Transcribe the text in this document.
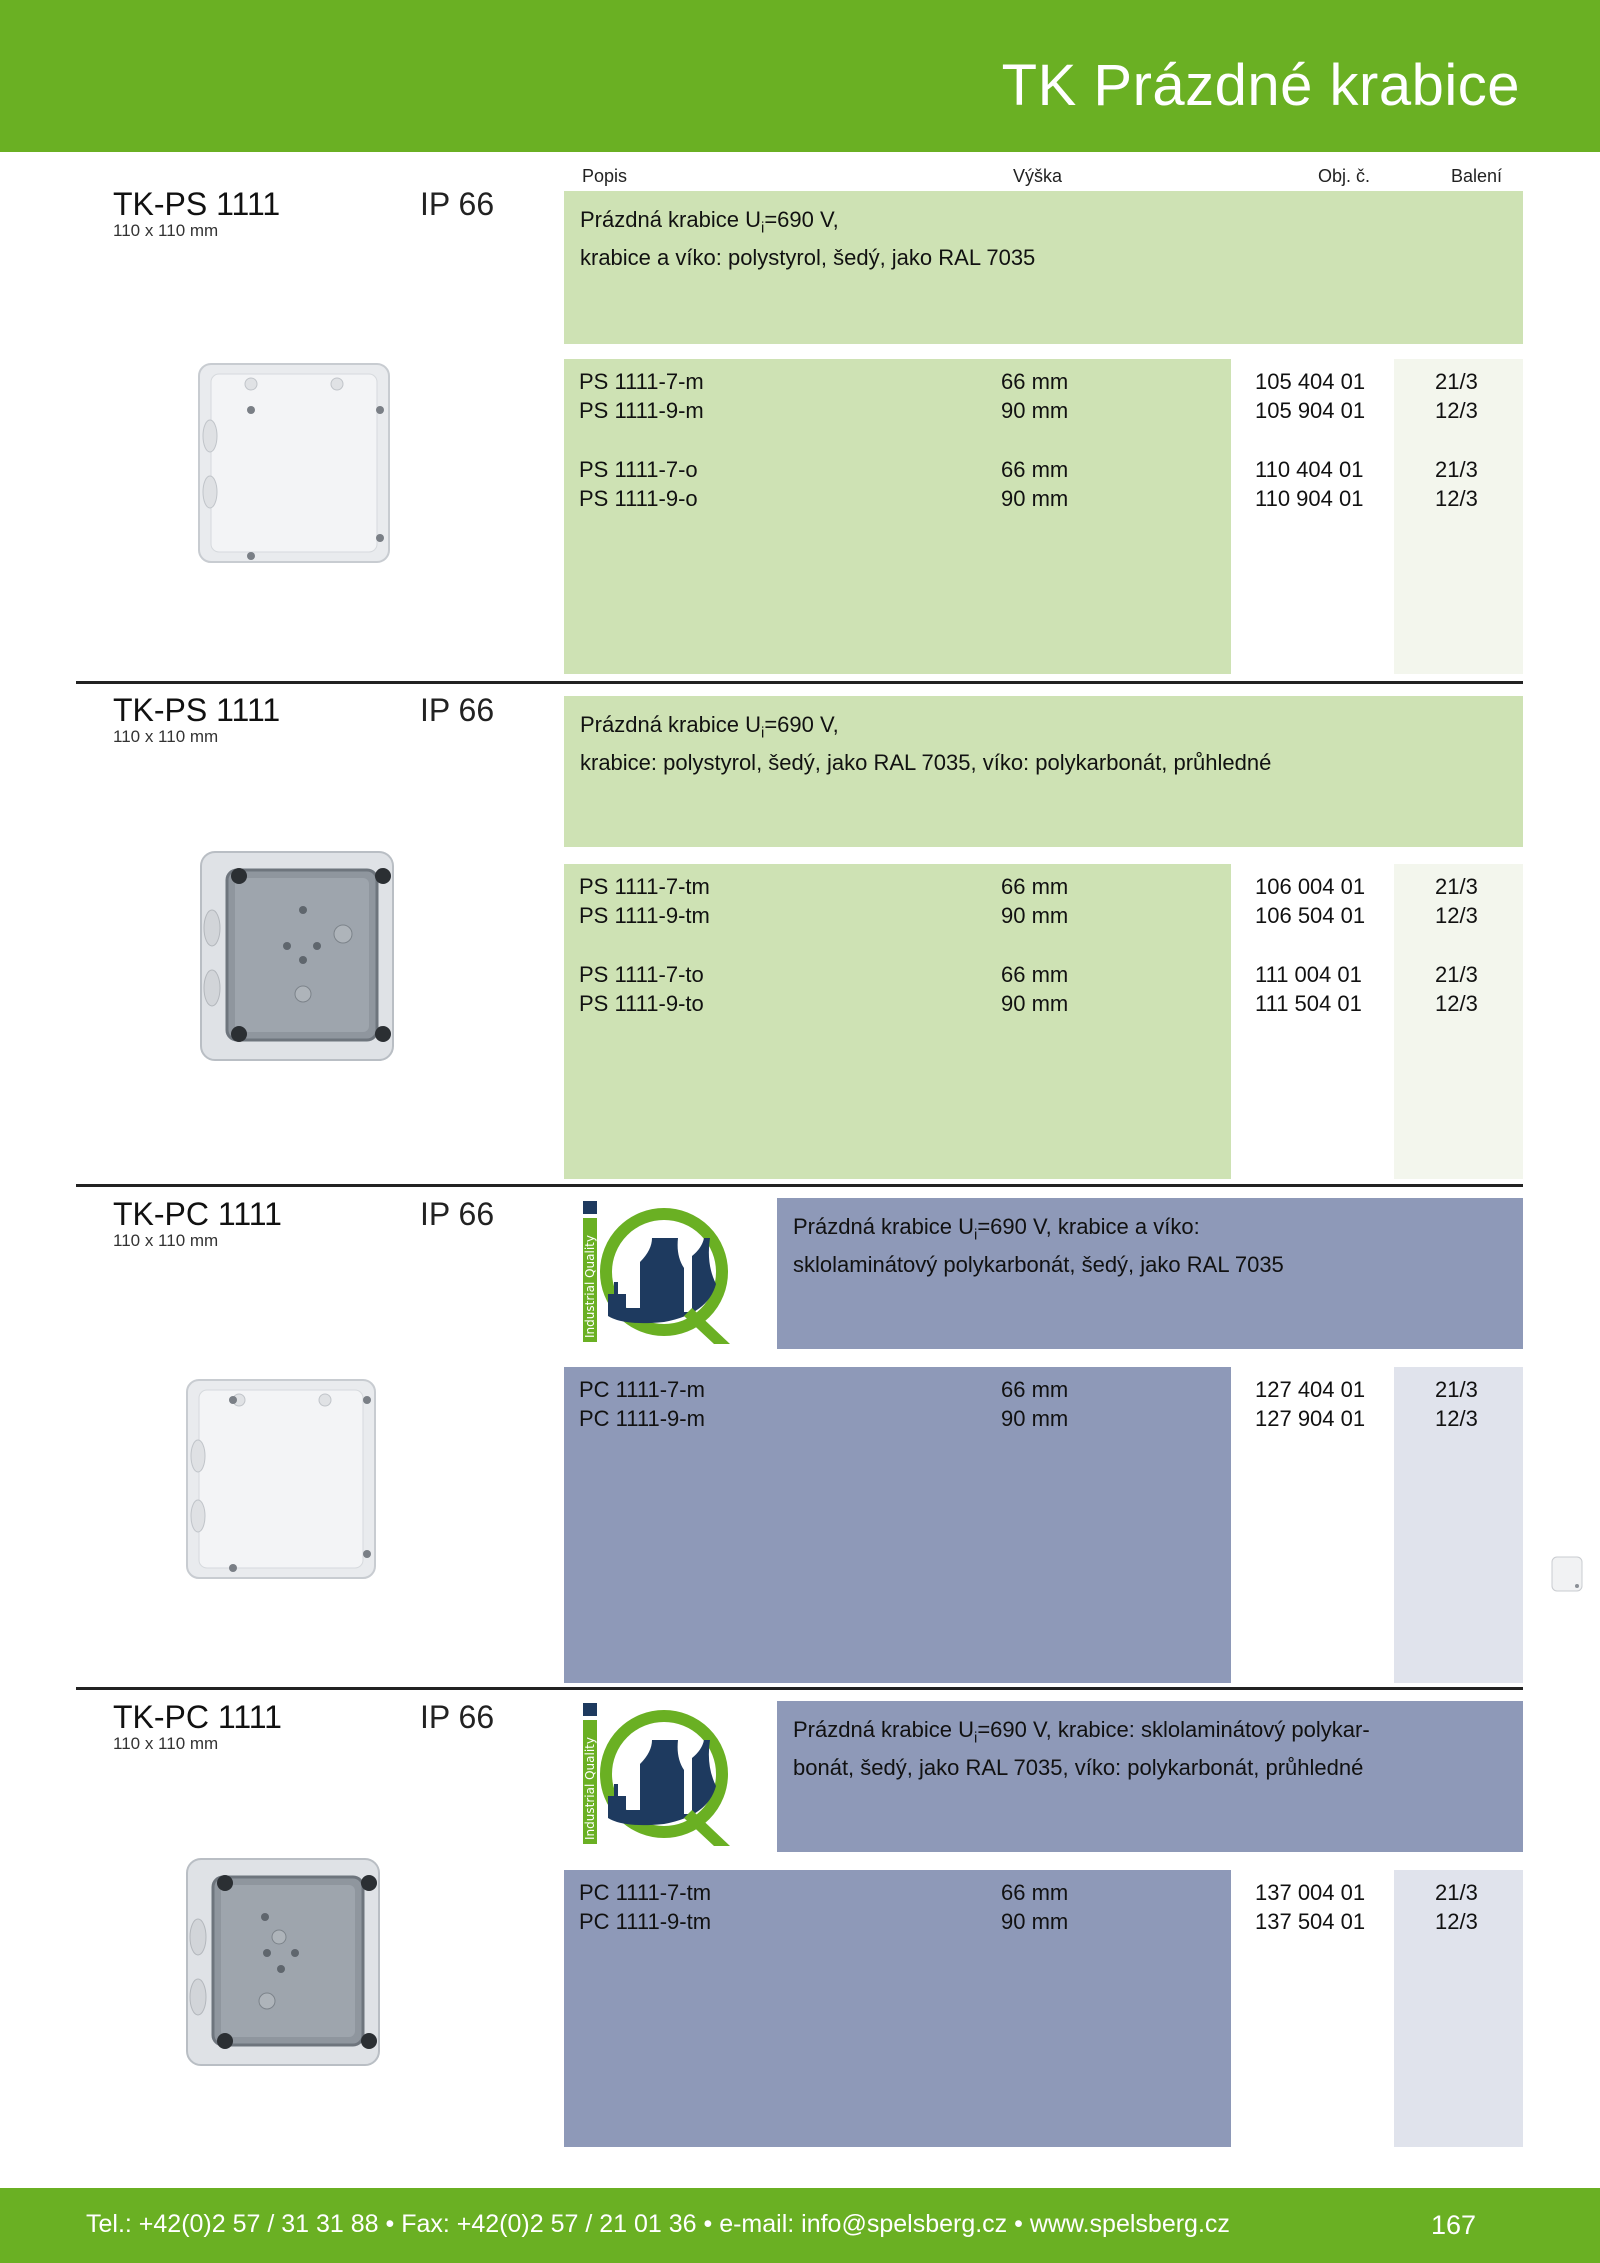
TK Prázdné krabice
Popis	Výška	Obj. č.	Balení
TK-PS 1111
110 x 110 mm
IP 66	Prázdná krabice $U_i=690$ V,
krabice a víko: polystyrol, šedý, jako RAL 7035
PS 1111-7-m	66 mm	105 404 01	21/3
PS 1111-9-m	90 mm	105 904 01	12/3
PS 1111-7-o	66 mm	110 404 01	21/3
PS 1111-9-o	90 mm	110 904 01	12/3
TK-PS 1111
110 x 110 mm
IP 66	Prázdná krabice $U_i=690$ V,
krabice: polystyrol, šedý, jako RAL 7035, víko: polykarbonát, průhledné
PS 1111-7-tm	66 mm	106 004 01	21/3
PS 1111-9-tm	90 mm	106 504 01	12/3
PS 1111-7-to	66 mm	111 004 01	21/3
PS 1111-9-to	90 mm	111 504 01	12/3
TK-PC 1111
110 x 110 mm
IP 66
Industrial Quality
Prázdná krabice $U_i=690$ V, krabice a víko:
sklolaminátový polykarbonát, šedý, jako RAL 7035
PC 1111-7-m	66 mm	127 404 01	21/3
PC 1111-9-m	90 mm	127 904 01	12/3
TK-PC 1111
110 x 110 mm
IP 66
Industrial Quality
Prázdná krabice $U_i=690$ V, krabice: sklolaminátový polykar-
bonát, šedý, jako RAL 7035, víko: polykarbonát, průhledné
PC 1111-7-tm	66 mm	137 004 01	21/3
PC 1111-9-tm	90 mm	137 504 01	12/3
Tel.: +42(0)2 57 / 31 31 88 • Fax: +42(0)2 57 / 21 01 36 • e-mail: info@spelsberg.cz • www.spelsberg.cz	167
